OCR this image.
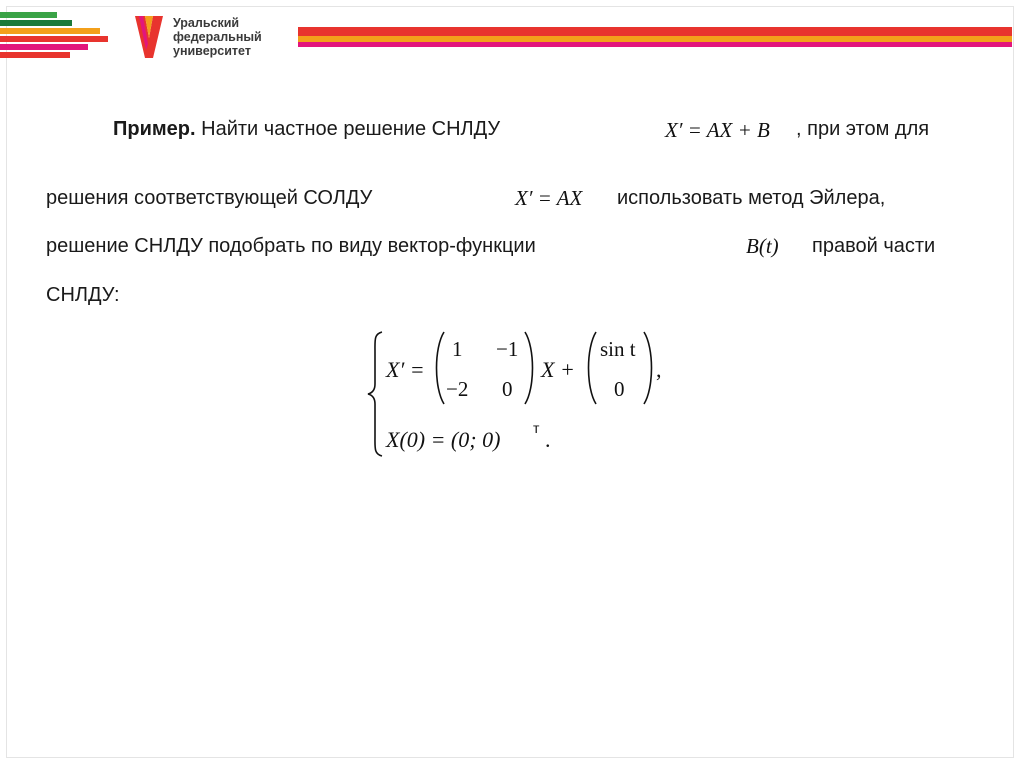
Уральский
федеральный
университет
Пример. Найти частное решение СНЛДУ	X′ = AX + B , при этом для
решения соответствующей СОЛДУ	X′ = AX использовать метод Эйлера,
решение СНЛДУ подобрать по виду вектор-функции	B(t) правой части
СНЛДУ:
X′ =
1 −1
−2 0
X +
sin t
0
,
X(0) = (0; 0) т .
